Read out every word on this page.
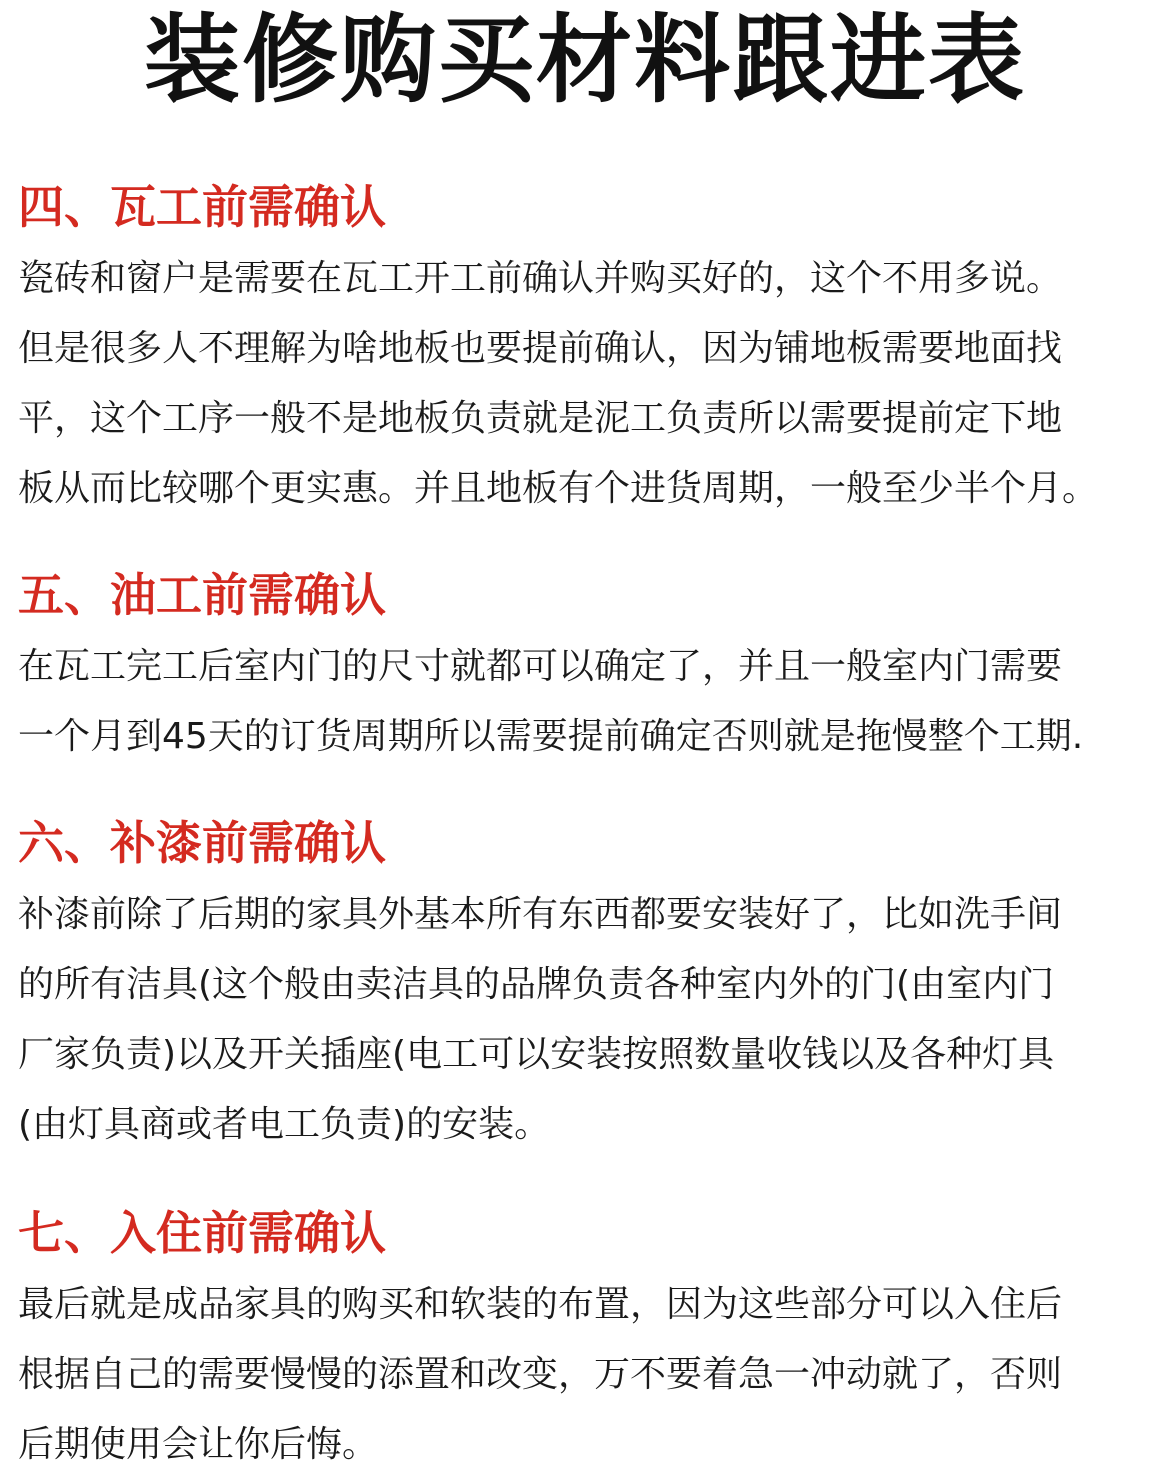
装修购买材料跟进表
四、瓦工前需确认
瓷砖和窗户是需要在瓦工开工前确认并购买好的，这个不用多说。
但是很多人不理解为啥地板也要提前确认，因为铺地板需要地面找
平，这个工序一般不是地板负责就是泥工负责所以需要提前定下地
板从而比较哪个更实惠。并且地板有个进货周期，一般至少半个月。
五、油工前需确认
在瓦工完工后室内门的尺寸就都可以确定了，并且一般室内门需要
一个月到45天的订货周期所以需要提前确定否则就是拖慢整个工期.
六、补漆前需确认
补漆前除了后期的家具外基本所有东西都要安装好了，比如洗手间
的所有洁具(这个般由卖洁具的品牌负责各种室内外的门(由室内门
厂家负责)以及开关插座(电工可以安装按照数量收钱以及各种灯具
(由灯具商或者电工负责)的安装。
七、入住前需确认
最后就是成品家具的购买和软装的布置，因为这些部分可以入住后
根据自己的需要慢慢的添置和改变，万不要着急一冲动就了，否则
后期使用会让你后悔。
